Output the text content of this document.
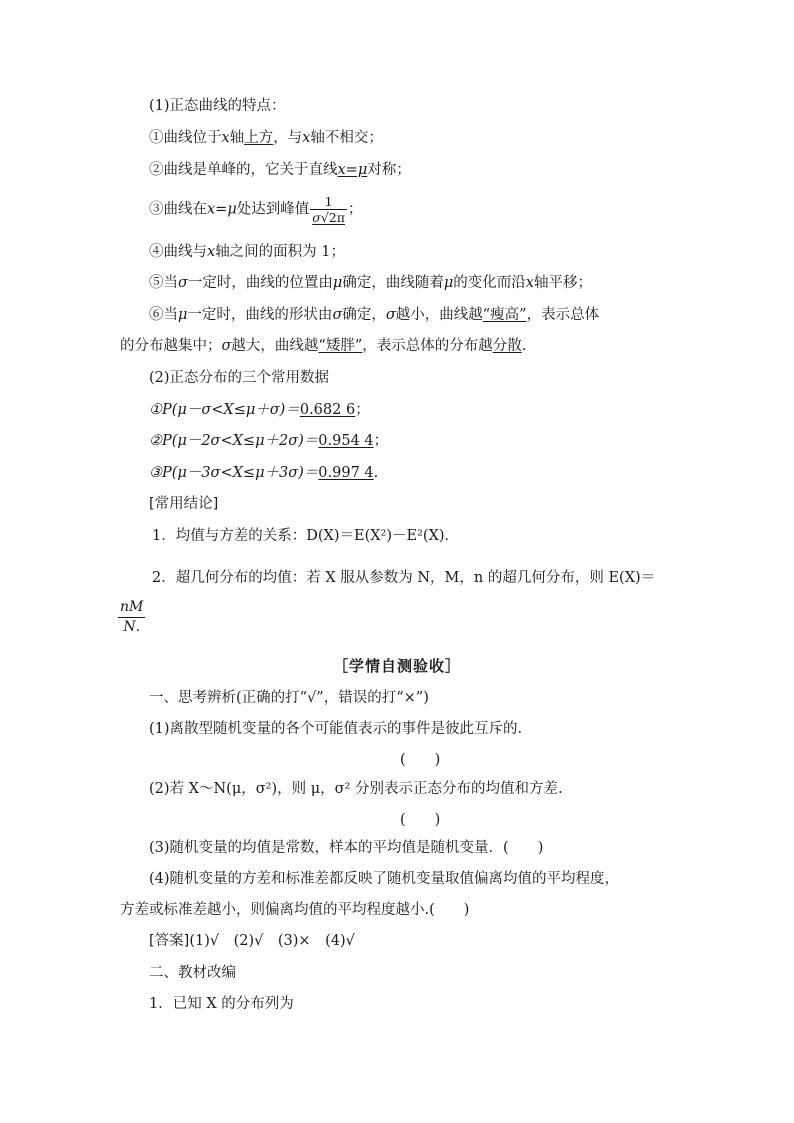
(1)正态曲线的特点：
①曲线位于x轴上方，与x轴不相交；
②曲线是单峰的，它关于直线x=μ对称；
③曲线在x=μ处达到峰值 $\frac{1}{\sigma√2\pi}$ ；
④曲线与x轴之间的面积为 1；
⑤当σ一定时，曲线的位置由μ确定，曲线随着μ的变化而沿x轴平移；
⑥当μ一定时，曲线的形状由σ确定，σ越小，曲线越“瘦高”，表示总体
的分布越集中；σ越大，曲线越“矮胖”，表示总体的分布越分散.
(2)正态分布的三个常用数据
①P(μ－σ<X≤μ＋σ)＝0.682 6；
②P(μ－2σ<X≤μ＋2σ)＝0.954 4；
③P(μ－3σ<X≤μ＋3σ)＝0.997 4.
[常用结论]
1．均值与方差的关系：D(X)＝E(X²)－E²(X)．
2．超几何分布的均值：若 X 服从参数为 N，M，n 的超几何分布，则 E(X)＝
$\frac{nM}{N.}$
［学情自测验收］
一、思考辨析(正确的打“√”，错误的打“×”)
(1)离散型随机变量的各个可能值表示的事件是彼此互斥的.
(　　)
(2)若 X～N(μ，σ²)，则 μ，σ² 分别表示正态分布的均值和方差.
(　　)
(3)随机变量的均值是常数，样本的平均值是随机变量．(　　)
(4)随机变量的方差和标准差都反映了随机变量取值偏离均值的平均程度，
方差或标准差越小，则偏离均值的平均程度越小.(　　)
[答案](1)√　(2)√　(3)×　(4)√
二、教材改编
1．已知 X 的分布列为
